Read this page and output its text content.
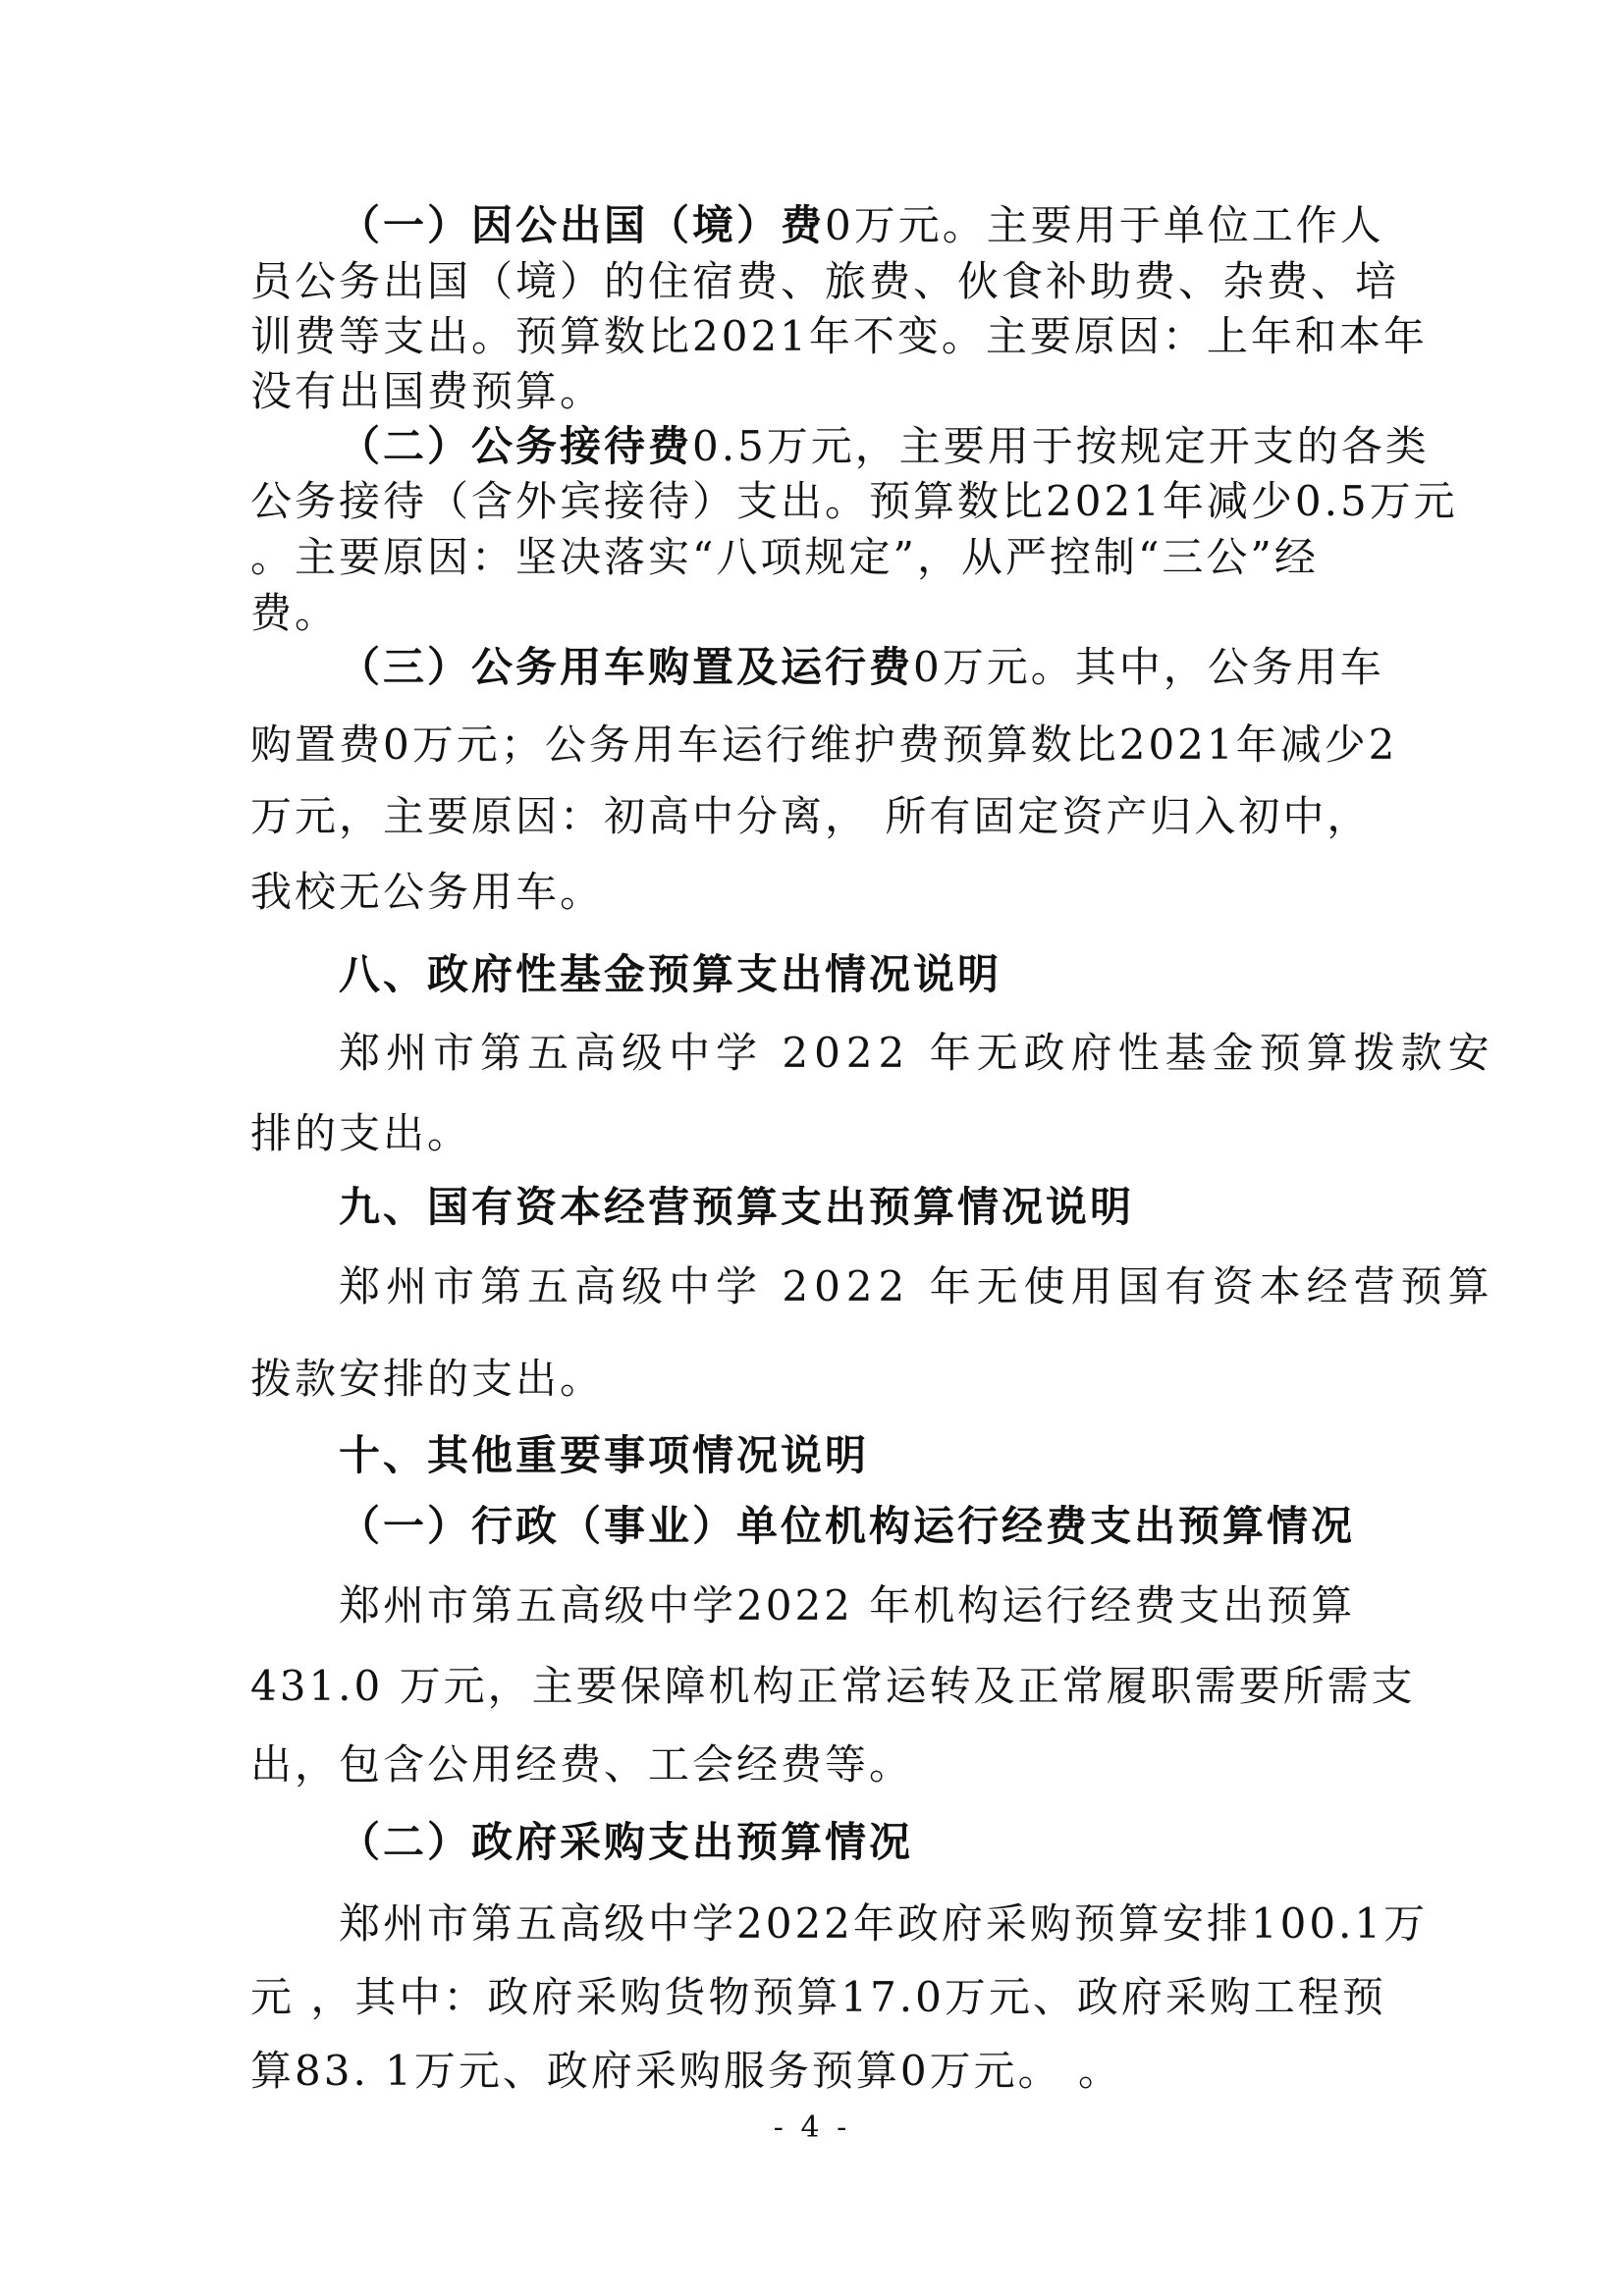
（一）因公出国（境）费0万元。主要用于单位工作人
员公务出国（境）的住宿费、旅费、伙食补助费、杂费、培
训费等支出。预算数比2021年不变。主要原因：上年和本年
没有出国费预算。
（二）公务接待费0.5万元，主要用于按规定开支的各类
公务接待（含外宾接待）支出。预算数比2021年减少0.5万元
。主要原因：坚决落实“八项规定”，从严控制“三公”经
费。
（三）公务用车购置及运行费0万元。其中，公务用车
购置费0万元；公务用车运行维护费预算数比2021年减少2
万元，主要原因：初高中分离， 所有固定资产归入初中，
我校无公务用车。
八、政府性基金预算支出情况说明
郑州市第五高级中学 2022 年无政府性基金预算拨款安
排的支出。
九、国有资本经营预算支出预算情况说明
郑州市第五高级中学 2022 年无使用国有资本经营预算
拨款安排的支出。
十、其他重要事项情况说明
（一）行政（事业）单位机构运行经费支出预算情况
郑州市第五高级中学2022 年机构运行经费支出预算
431.0 万元，主要保障机构正常运转及正常履职需要所需支
出，包含公用经费、工会经费等。
（二）政府采购支出预算情况
郑州市第五高级中学2022年政府采购预算安排100.1万
元 ，其中：政府采购货物预算17.0万元、政府采购工程预
算83. 1万元、政府采购服务预算0万元。 。
- 4 -
